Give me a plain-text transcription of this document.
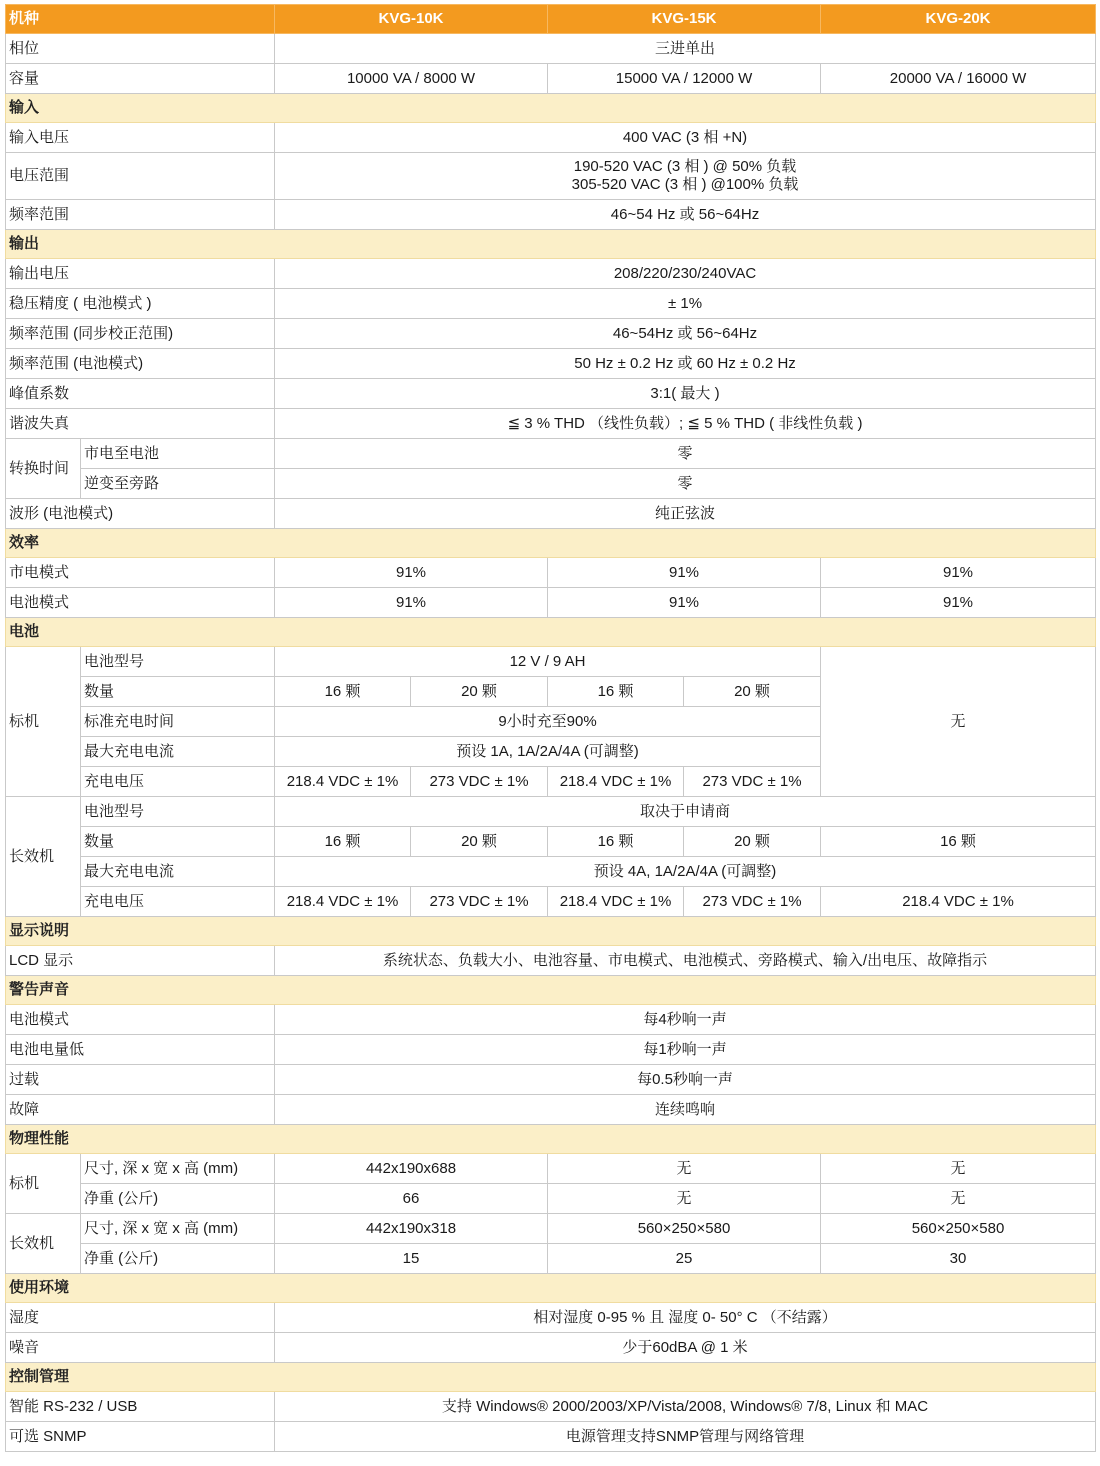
机种		KVG-10K		KVG-15K		KVG-20K
相位		三进单出				
容量		10000 VA / 8000 W		15000 VA / 12000 W		20000 VA / 16000 W
输入						
输入电压		400 VAC (3 相 +N)				
电压范围		190-520 VAC (3 相 ) @ 50% 负载
305-520 VAC (3 相 ) @100% 负载				

频率范围		46~54 Hz 或 56~64Hz				
输出						
输出电压		208/220/230/240VAC				
稳压精度 ( 电池模式 )		± 1%				
频率范围 (同步校正范围)		46~54Hz 或 56~64Hz				
频率范围 (电池模式)		50 Hz ± 0.2 Hz 或 60 Hz ± 0.2 Hz				
峰值系数		3:1( 最大 )				
谐波失真		≦ 3 % THD （线性负载）; ≦ 5 % THD ( 非线性负载 )				
转换时间	市电至电池	零				
	逆变至旁路	零				
波形 (电池模式)		纯正弦波				
效率						
市电模式		91%		91%		91%
电池模式		91%		91%		91%
电池						
标机	电池型号	12 V / 9 AH				无
	数量	16 颗	20 颗	16 颗	20 颗	
	标准充电时间	9小时充至90%				
	最大充电电流	预设 1A, 1A/2A/4A (可調整)				
	充电电压	218.4 VDC ± 1%	273 VDC ± 1%	218.4 VDC ± 1%	273 VDC ± 1%	
长效机	电池型号	取决于申请商				
	数量	16 颗	20 颗	16 颗	20 颗	16 颗
	最大充电电流	预设 4A, 1A/2A/4A (可調整)				
	充电电压	218.4 VDC ± 1%	273 VDC ± 1%	218.4 VDC ± 1%	273 VDC ± 1%	218.4 VDC ± 1%
显示说明						
LCD 显示		系统状态、负载大小、电池容量、市电模式、电池模式、旁路模式、输入/出电压、故障指示				
警告声音						
电池模式		每4秒响一声				
电池电量低		每1秒响一声				
过载		每0.5秒响一声				
故障		连续鸣响				
物理性能						
标机	尺寸, 深 x 宽 x 高 (mm)	442x190x688		无		无
	净重 (公斤)	66		无		无
长效机	尺寸, 深 x 宽 x 高 (mm)	442x190x318		560×250×580		560×250×580
	净重 (公斤)	15		25		30
使用环境						
湿度		相对湿度 0-95 % 且 湿度 0- 50° C （不结露）				
噪音		少于60dBA @ 1 米				
控制管理						
智能 RS-232 / USB		支持 Windows® 2000/2003/XP/Vista/2008, Windows® 7/8, Linux 和 MAC				
可选 SNMP		电源管理支持SNMP管理与网络管理				
